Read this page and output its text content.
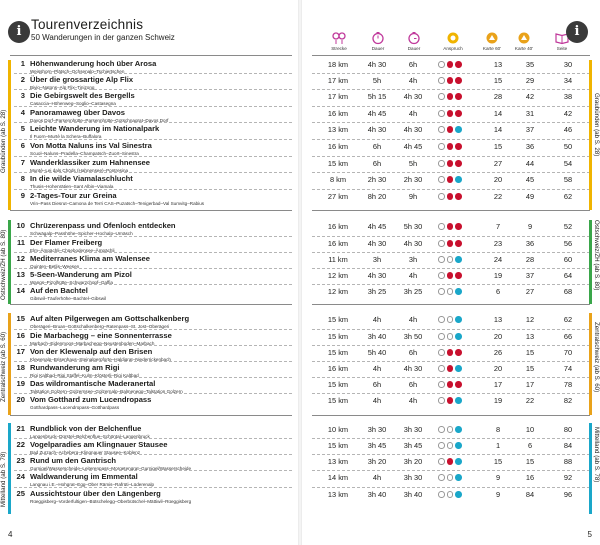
i	i
Tourenverzeichnis
50 Wanderungen in der ganzen Schweiz
4	5
Strecke	Dauer	Dauer	Anspruch	Karte 60'	Karte 40'	Seite
1 Höhenwanderung hoch über Arosa
Weisshorn–Plätsch–Ochsenalp–Tschiertschen
18 km	4h 30	6h	13	35	30
2 Über die grossartige Alp Flix
Bivio–Natons–Alp Flix–Tinizong
17 km	5h	4h	15	29	34
3 Die Gebirgswelt des Bergells
Casaccia–Höhenweg–Soglio–Castasegna
17 km	5h 15	4h 30	28	42	38
4 Panoramaweg über Davos
Davos Dorf–Parsennhütte–Parsennhütte–Gotschnagrat–Davos Dorf
16 km	4h 45	4h	14	31	42
5 Leichte Wanderung im Nationalpark
Il Fuorn–Murtè la Schera–Buffalora
13 km	4h 30	4h 30	14	37	46
6 Von Motta Naluns ins Val Sinestra
Scuol–Naluns–Pradella–Champatsch–Zuort–Sinestra
16 km	6h	4h 45	15	36	50
7 Wanderklassiker zum Hahnensee
Muntè–Lej dals Chöds (Hahnensee)–Pontresina
15 km	6h	5h	27	44	54
8 In die wilde Viamalaschlucht
Thusis–Hohenrätien–Sant Albin–Viamala
8 km	2h 30	2h 30	20	45	58
9 2-Tages-Tour zur Greina
Vrin–Pass Diesrut–Camona de Terri CAS–Puzatsch–Tenigerbad–Val Sumvitg–Rabius
27 km	8h 20	9h	22	49	62
10 Chrüzerenpass und Ofenloch entdecken
Schwägalp–Passhöhe–Spicher–Hochalp–Urnäsch
16 km	4h 45	5h 30	7	9	52
11 Der Flamer Freiberg
Elm–Ämpächli–Chüebodensee–Ämpächli
16 km	4h 30	4h 30	23	36	56
12 Mediterranes Klima am Walensee
Quinten–Betlis–Weesen
11 km	3h	3h	24	28	60
13 5-Seen-Wanderung am Pizol
Wangs–Pizolhütte–Schwarzchopf–Gaffia
12 km	4h 30	4h	19	37	64
14 Auf den Bachtel
Gibswil–Täuferhöhe–Bachtel–Gibswil
12 km	3h 25	3h 25	6	27	68
15 Auf alten Pilgerwegen am Gottschalkenberg
Oberägeri–Bruan–Gottschalkenberg–Ratenpass–St. Jost–Oberägeri
15 km	4h	4h	13	12	62
16 Die Marbachegg – eine Sonnenterrasse
Marbach–Eidenmoos–Marbachegg–Neustenboden–Marbach
15 km	3h 40	3h 50	20	13	66
17 Von der Klewenalp auf den Brisen
Klewenalp–Brisenhaus–Steinalperpforte–Haldigrat–Niederrickenbach
15 km	5h 40	6h	26	15	70
18 Rundwanderung am Rigi
Rigi Kaltbad–Rigi Staffel–Kulm–Klösterli–Rigi Kaltbad
16 km	4h	4h 30	20	15	74
19 Das wildromantische Maderanertal
Talstation Golzern–Golzernsee–Golzernalp–Balmenegg–Talstation Golzern
15 km	6h	6h	17	17	78
20 Vom Gotthard zum Lucendropass
Gotthardpass–Lucendropass–Gotthardpass
15 km	4h	4h	19	22	82
21 Rundblick von der Belchenflue
Langenbruck–Dürstel–Belchenflue–Schöntal–Langenbruck
10 km	3h 30	3h 30	8	10	80
22 Vogelparadies am Klingnauer Stausee
Bad Zurzach–Acheberg–Klingnauer Stausee–Koblenz
15 km	3h 45	3h 45	1	6	84
23 Rund um den Gantrisch
Gurnigel/Wasserscheide–Leiterenpass–Morgetengrat–Gurnigel/Wasserscheide
13 km	3h 20	3h 20	15	15	88
24 Waldwanderung im Emmental
Langnau i.E.–Hohgrat–Egg–Ober Rämis–Rafrüti–Lüderenalp
14 km	4h	3h 30	9	16	92
25 Aussichtstour über den Längenberg
Rüeggisberg–Vorderfultigen–Bütschelegg–Oberbütschel–Mättiwil–Rüeggisberg
13 km	3h 40	3h 40	9	84	96
Graubünden (ab S. 28)	Graubünden (ab S. 28)
Ostschweiz/ZH (ab S. 80)	Ostschweiz/ZH (ab S. 80)
Zentralschweiz (ab S. 60)	Zentralschweiz (ab S. 60)
Mittelland (ab S. 78)	Mittelland (ab S. 78)
